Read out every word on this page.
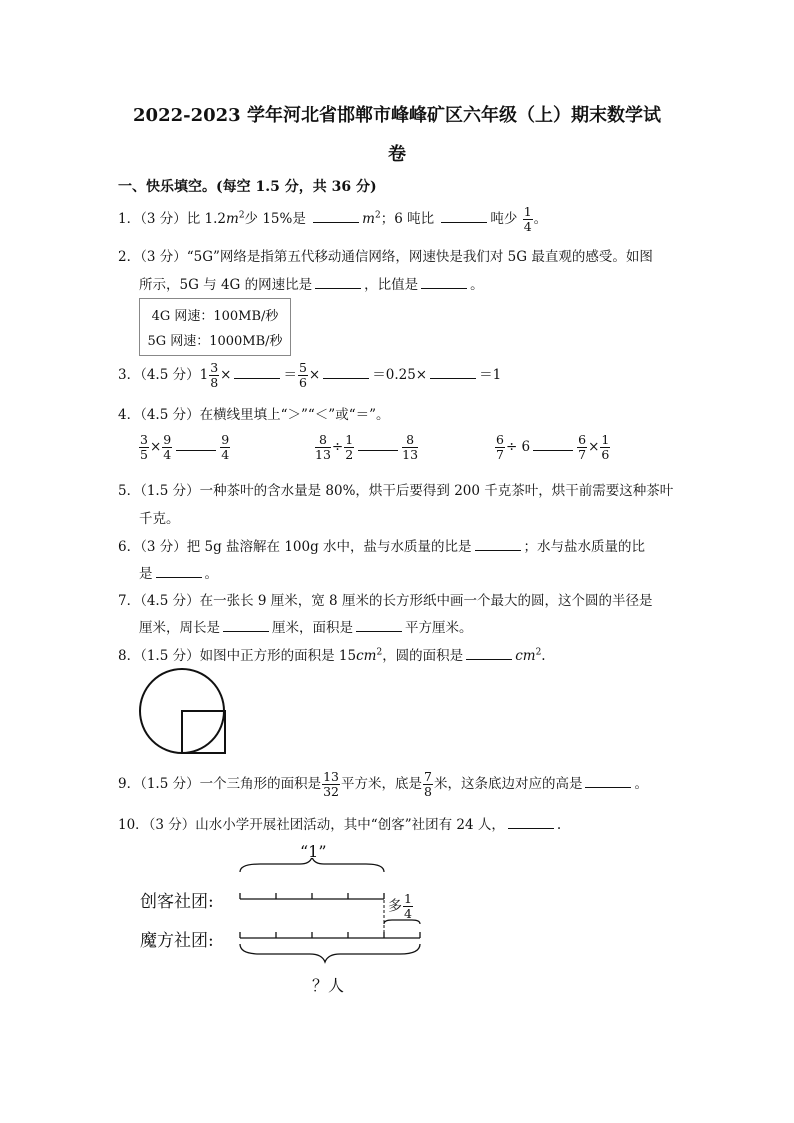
2022-2023 学年河北省邯郸市峰峰矿区六年级（上）期末数学试
卷
一、快乐填空。(每空 1.5 分，共 36 分)
1．（3 分）比 $1.2m^2$少 15%是	$m^2$；6 吨比	吨少 $\frac{1}{4}$ 。
2．（3 分）“5G”网络是指第五代移动通信网络，网速快是我们对 5G 最直观的感受。如图
所示，5G 与 4G 的网速比是	，比值是	。
4G 网速：100MB/秒
5G 网速：1000MB/秒
3．（4.5 分）$1 \frac{3}{8}$ ×	＝ $\frac{5}{6}$ ×	＝0.25×	＝1
4．（4.5 分）在横线里填上“＞”“＜”或“＝”。
$\frac{3}{5} \times \frac{9}{4}$	$\frac{9}{4}$	$\frac{8}{13} \div \frac{1}{2}$	$\frac{8}{13}$	$\frac{6}{7} \div 6$	$\frac{6}{7} \times \frac{1}{6}$
5．（1.5 分）一种茶叶的含水量是 80%，烘干后要得到 200 千克茶叶，烘干前需要这种茶叶
千克。
6．（3 分）把 5g 盐溶解在 100g 水中，盐与水质量的比是	；水与盐水质量的比
是	。
7．（4.5 分）在一张长 9 厘米，宽 8 厘米的长方形纸中画一个最大的圆，这个圆的半径是
厘米，周长是	厘米，面积是	平方厘米。
8．（1.5 分）如图中正方形的面积是 $15cm^2$，圆的面积是	$cm^2$.
9．（1.5 分）一个三角形的面积是 $\frac{13}{32}$ 平方米，底是 $\frac{7}{8}$ 米，这条底边对应的高是	。
10．（3 分）山水小学开展社团活动，其中“创客”社团有 24 人，	.
“1”
创客社团:
魔方社团:
多 $\frac{1}{4}$
？人
